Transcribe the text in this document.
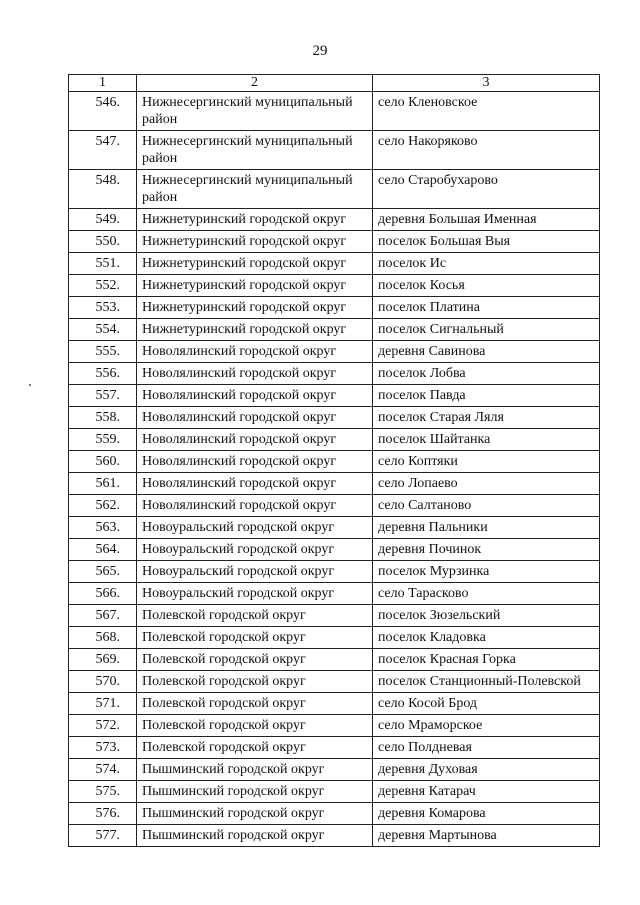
29
1	2	3
546.	Нижнесергинский муниципальный район	село Кленовское
547.	Нижнесергинский муниципальный район	село Накоряково
548.	Нижнесергинский муниципальный район	село Старобухарово
549.	Нижнетуринский городской округ	деревня Большая Именная
550.	Нижнетуринский городской округ	поселок Большая Выя
551.	Нижнетуринский городской округ	поселок Ис
552.	Нижнетуринский городской округ	поселок Косья
553.	Нижнетуринский городской округ	поселок Платина
554.	Нижнетуринский городской округ	поселок Сигнальный
555.	Новолялинский городской округ	деревня Савинова
556.	Новолялинский городской округ	поселок Лобва
557.	Новолялинский городской округ	поселок Павда
558.	Новолялинский городской округ	поселок Старая Ляля
559.	Новолялинский городской округ	поселок Шайтанка
560.	Новолялинский городской округ	село Коптяки
561.	Новолялинский городской округ	село Лопаево
562.	Новолялинский городской округ	село Салтаново
563.	Новоуральский городской округ	деревня Пальники
564.	Новоуральский городской округ	деревня Починок
565.	Новоуральский городской округ	поселок Мурзинка
566.	Новоуральский городской округ	село Тарасково
567.	Полевской городской округ	поселок Зюзельский
568.	Полевской городской округ	поселок Кладовка
569.	Полевской городской округ	поселок Красная Горка
570.	Полевской городской округ	поселок Станционный-Полевской
571.	Полевской городской округ	село Косой Брод
572.	Полевской городской округ	село Мраморское
573.	Полевской городской округ	село Полдневая
574.	Пышминский городской округ	деревня Духовая
575.	Пышминский городской округ	деревня Катарач
576.	Пышминский городской округ	деревня Комарова
577.	Пышминский городской округ	деревня Мартынова
